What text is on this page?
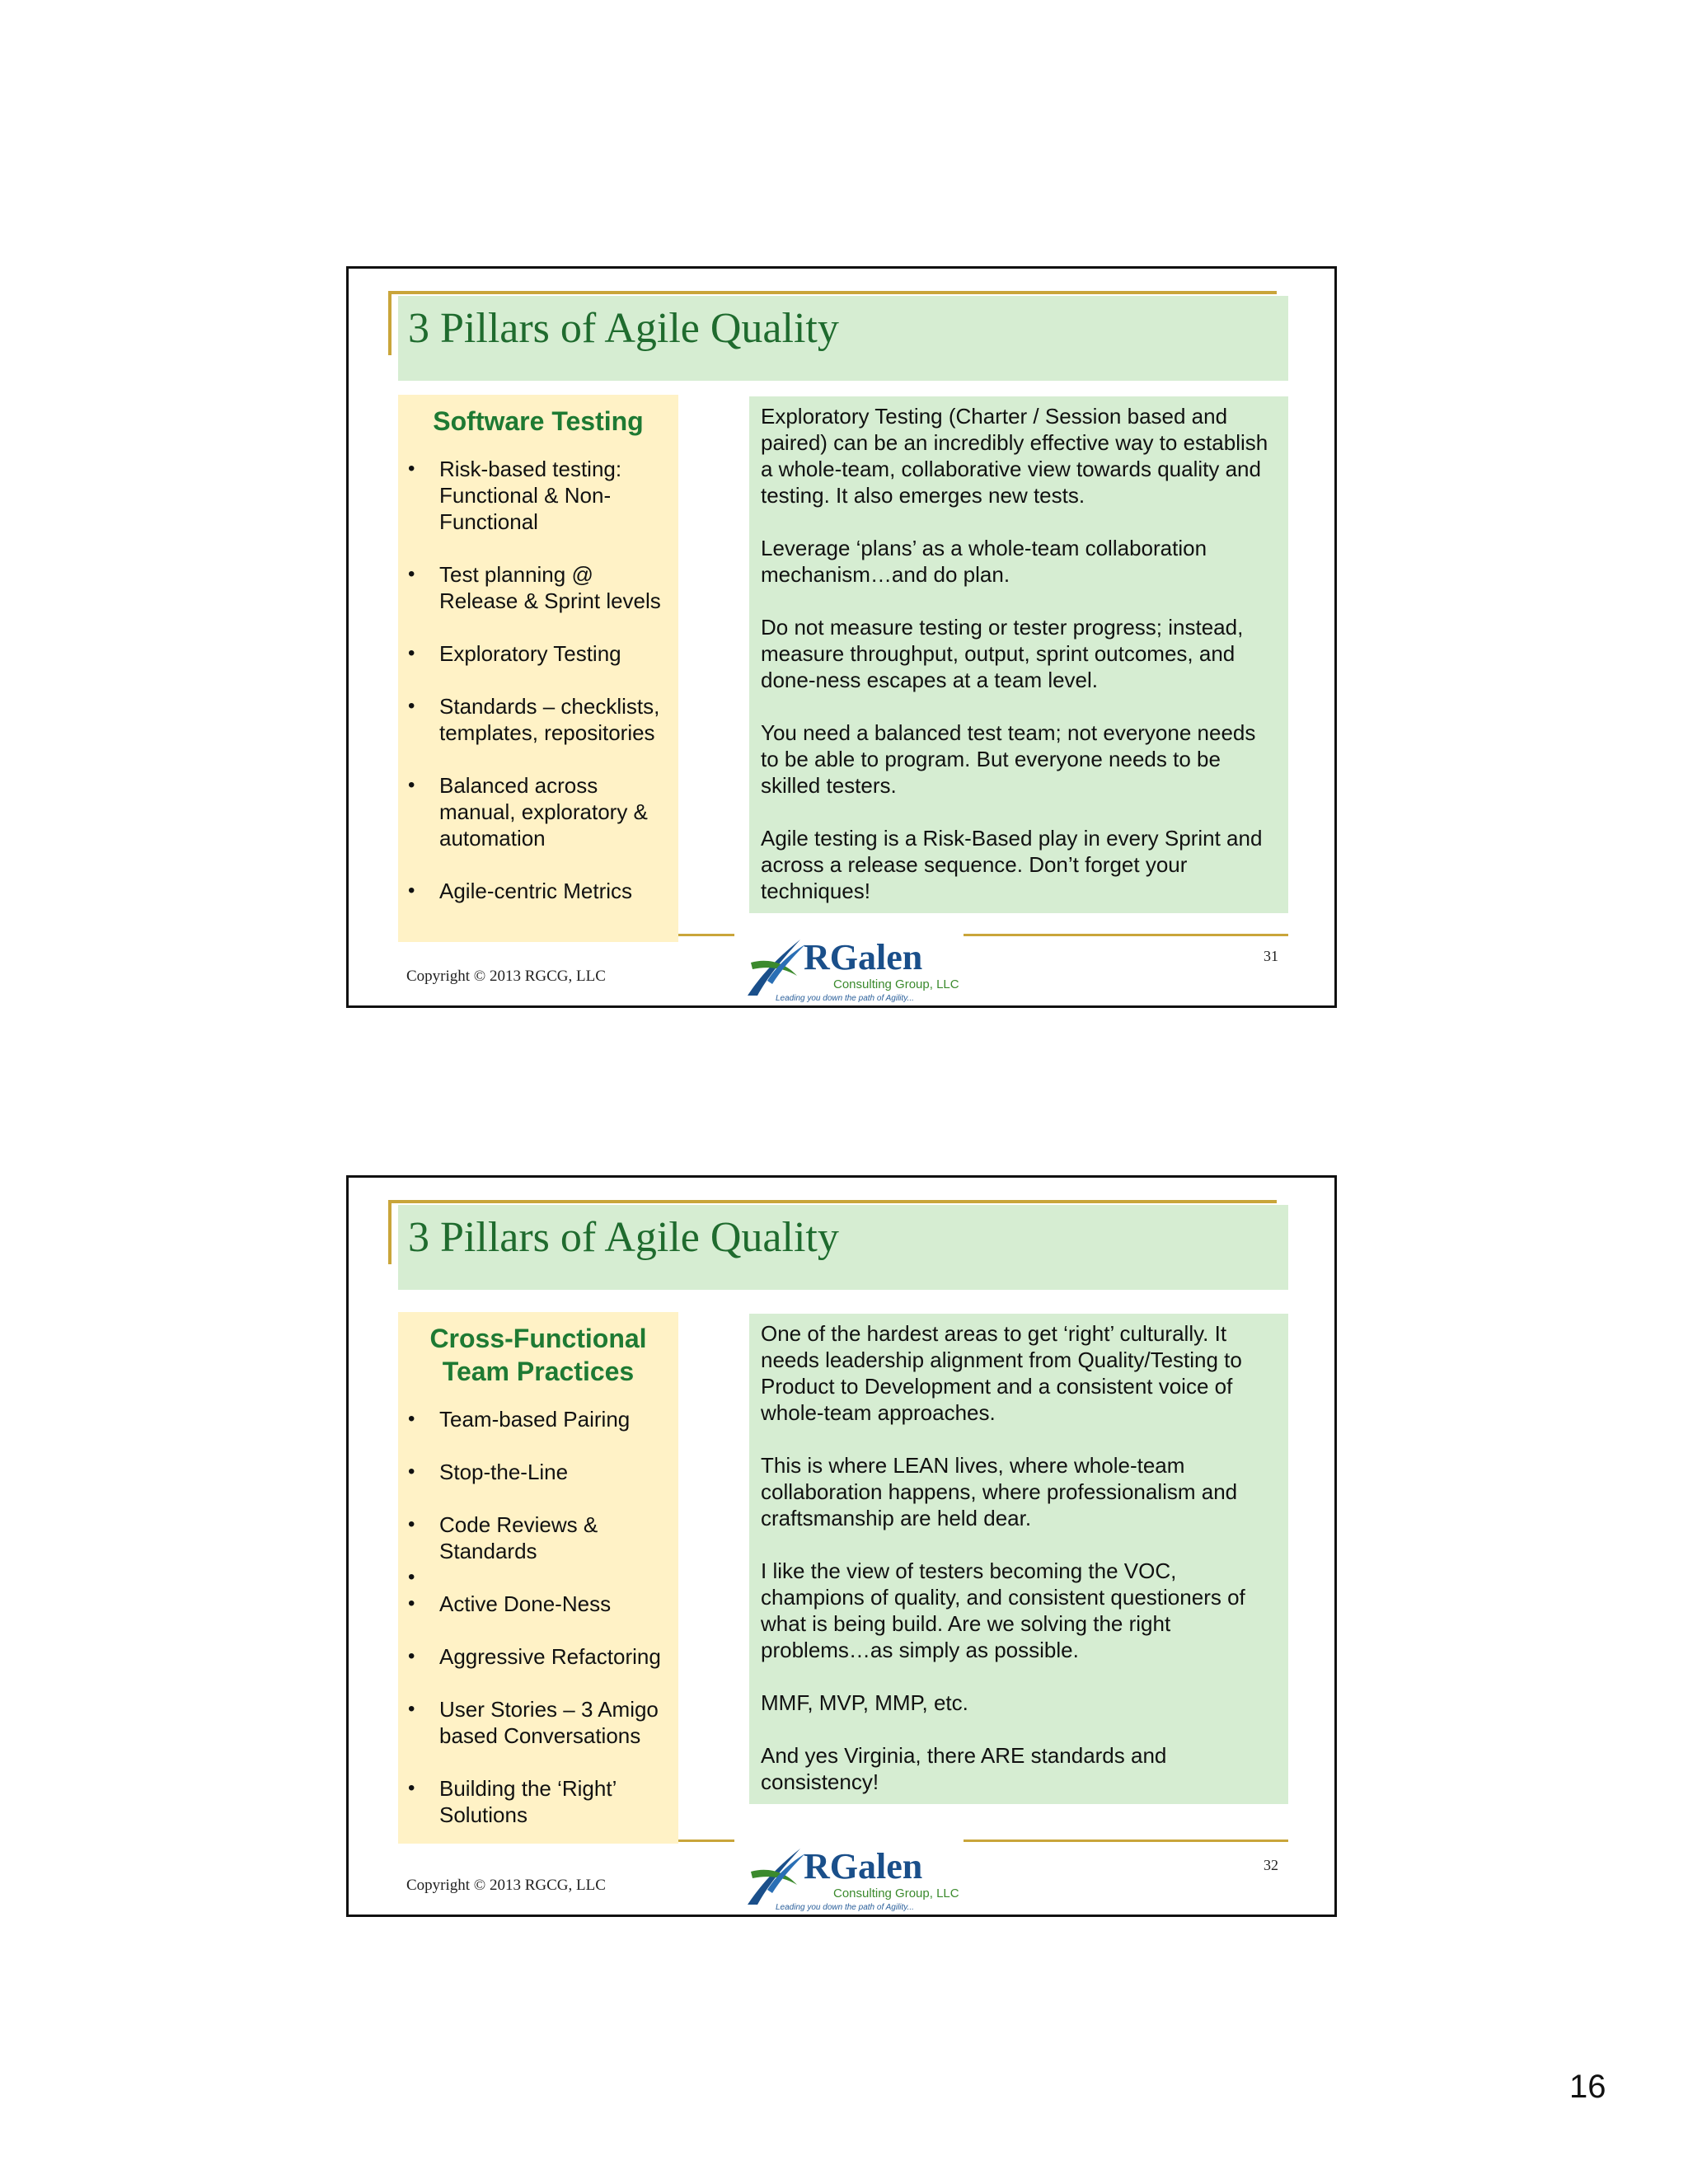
3 Pillars of Agile Quality
Software Testing
• Risk-based testing: Functional & Non-Functional
• Test planning @ Release & Sprint levels
• Exploratory Testing
• Standards – checklists, templates, repositories
• Balanced across manual, exploratory & automation
• Agile-centric Metrics

Exploratory Testing (Charter / Session based and paired) can be an incredibly effective way to establish a whole-team, collaborative view towards quality and testing. It also emerges new tests.

Leverage ‘plans’ as a whole-team collaboration mechanism…and do plan.

Do not measure testing or tester progress; instead, measure throughput, output, sprint outcomes, and done-ness escapes at a team level.

You need a balanced test team; not everyone needs to be able to program. But everyone needs to be skilled testers.

Agile testing is a Risk-Based play in every Sprint and across a release sequence. Don’t forget your techniques!

RGalen
Consulting Group, LLC
Leading you down the path of Agility...
Copyright © 2013 RGCG, LLC
31
3 Pillars of Agile Quality
Cross-Functional Team Practices
• Team-based Pairing
• Stop-the-Line
• Code Reviews & Standards
•
• Active Done-Ness
• Aggressive Refactoring
• User Stories – 3 Amigo based Conversations
• Building the ‘Right’ Solutions

One of the hardest areas to get ‘right’ culturally. It needs leadership alignment from Quality/Testing to Product to Development and a consistent voice of whole-team approaches.

This is where LEAN lives, where whole-team collaboration happens, where professionalism and craftsmanship are held dear.

I like the view of testers becoming the VOC, champions of quality, and consistent questioners of what is being build. Are we solving the right problems…as simply as possible.

MMF, MVP, MMP, etc.

And yes Virginia, there ARE standards and consistency!

RGalen
Consulting Group, LLC
Leading you down the path of Agility...
Copyright © 2013 RGCG, LLC
32
16
